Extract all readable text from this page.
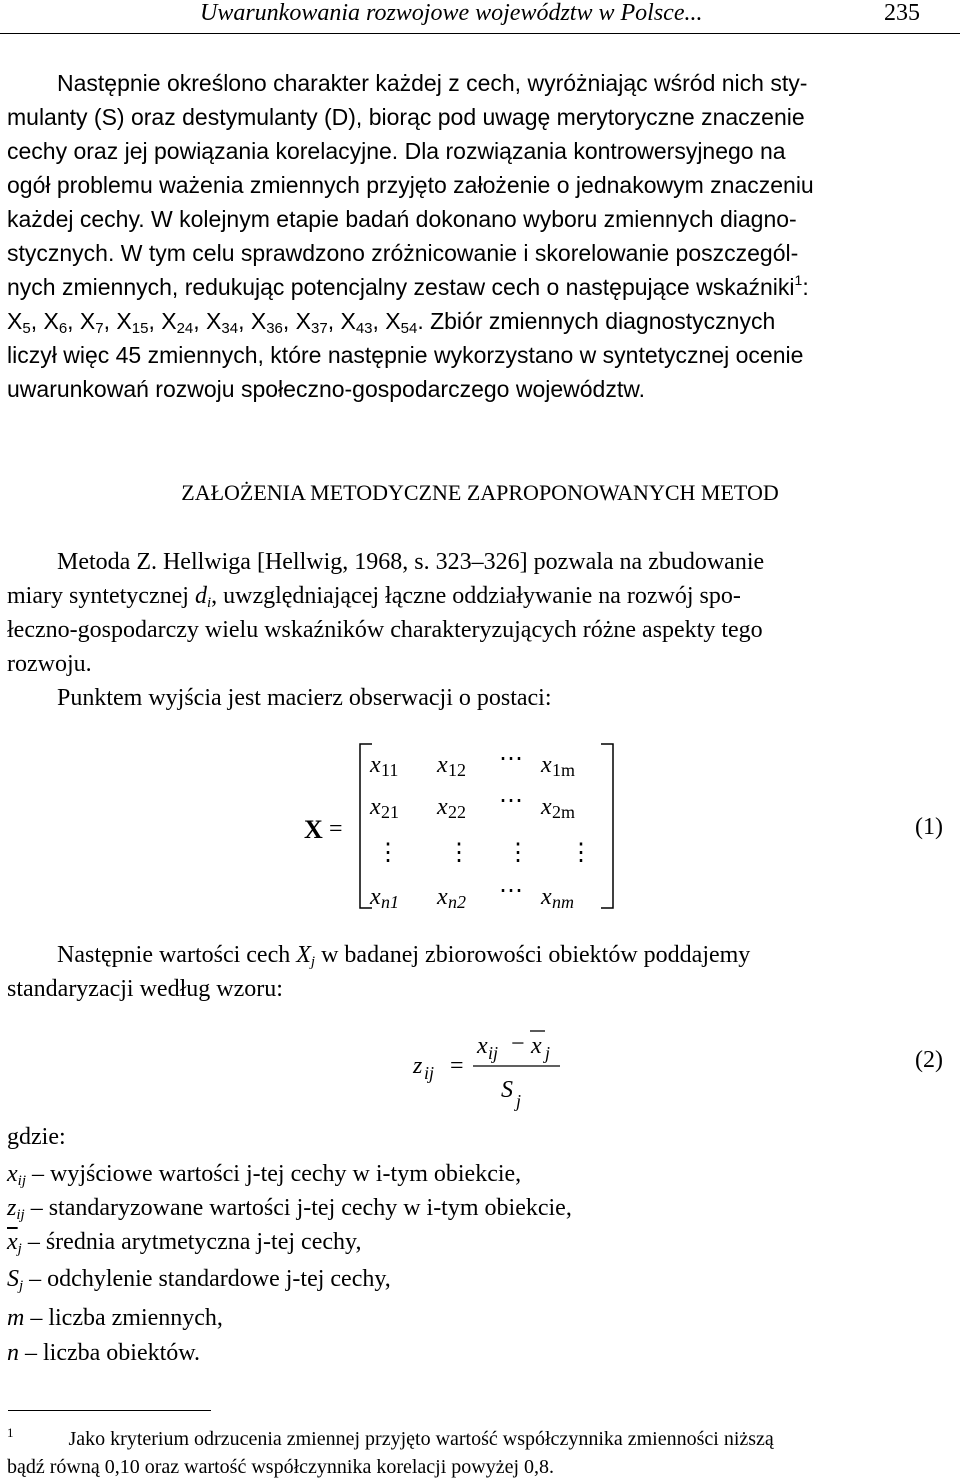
Uwarunkowania rozwojowe województw w Polsce...	235
Następnie określono charakter każdej z cech, wyróżniając wśród nich sty-
mulanty (S) oraz destymulanty (D), biorąc pod uwagę merytoryczne znaczenie
cechy oraz jej powiązania korelacyjne. Dla rozwiązania kontrowersyjnego na
ogół problemu ważenia zmiennych przyjęto założenie o jednakowym znaczeniu
każdej cechy. W kolejnym etapie badań dokonano wyboru zmiennych diagno-
stycznych. W tym celu sprawdzono zróżnicowanie i skorelowanie poszczegól-
nych zmiennych, redukując potencjalny zestaw cech o następujące wskaźniki$^1$:
$X_5$, $X_6$, $X_7$, $X_{15}$, $X_{24}$, $X_{34}$, $X_{36}$, $X_{37}$, $X_{43}$, $X_{54}$. Zbiór zmiennych diagnostycznych
liczył więc 45 zmiennych, które następnie wykorzystano w syntetycznej ocenie
uwarunkowań rozwoju społeczno-gospodarczego województw.
ZAŁOŻENIA METODYCZNE ZAPROPONOWANYCH METOD
Metoda Z. Hellwiga [Hellwig, 1968, s. 323–326] pozwala na zbudowanie
miary syntetycznej $d_i$, uwzględniającej łączne oddziaływanie na rozwój spo-
łeczno-gospodarczy wielu wskaźników charakteryzujących różne aspekty tego
rozwoju.
Punktem wyjścia jest macierz obserwacji o postaci:
X =
x 11 x 12 ⋯ x 1m
x 21 x 22 ⋯ x 2m
⋮ ⋮ ⋮ ⋮
x n1 x n2 ⋯ x nm
(1)
Następnie wartości cech $X_j$ w badanej zbiorowości obiektów poddajemy
standaryzacji według wzoru:
z ij =
x ij − x j
S j
(2)
gdzie:
$x_{ij}$ – wyjściowe wartości j-tej cechy w i-tym obiekcie,
$z_{ij}$ – standaryzowane wartości j-tej cechy w i-tym obiekcie,
$\overline{x}_j$ – średnia arytmetyczna j-tej cechy,
$S_j$ – odchylenie standardowe j-tej cechy,
m – liczba zmiennych,
n – liczba obiektów.
$^1$	Jako kryterium odrzucenia zmiennej przyjęto wartość współczynnika zmienności niższą
bądź równą 0,10 oraz wartość współczynnika korelacji powyżej 0,8.
